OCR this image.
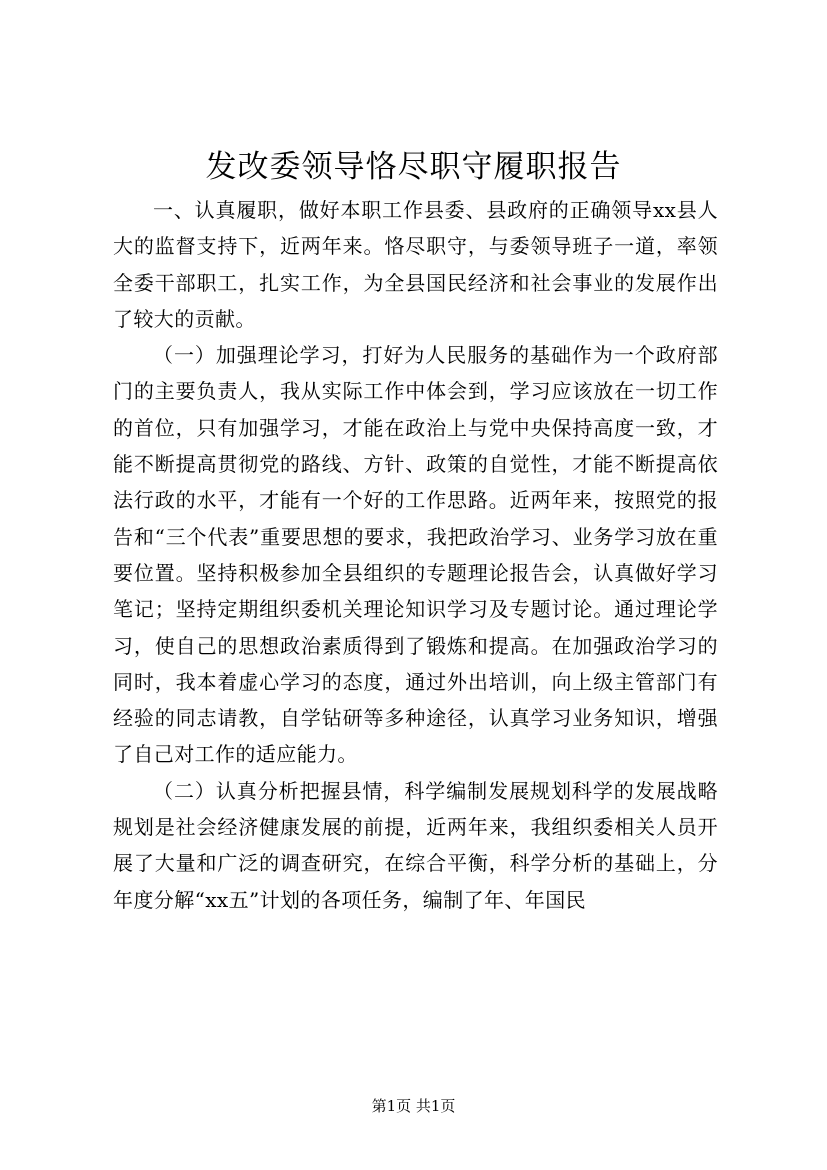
发改委领导恪尽职守履职报告

一、认真履职，做好本职工作县委、县政府的正确领导xx县人大的监督支持下，近两年来。恪尽职守，与委领导班子一道，率领全委干部职工，扎实工作，为全县国民经济和社会事业的发展作出了较大的贡献。

（一）加强理论学习，打好为人民服务的基础作为一个政府部门的主要负责人，我从实际工作中体会到，学习应该放在一切工作的首位，只有加强学习，才能在政治上与党中央保持高度一致，才能不断提高贯彻党的路线、方针、政策的自觉性，才能不断提高依法行政的水平，才能有一个好的工作思路。近两年来，按照党的报告和“三个代表”重要思想的要求，我把政治学习、业务学习放在重要位置。坚持积极参加全县组织的专题理论报告会，认真做好学习笔记；坚持定期组织委机关理论知识学习及专题讨论。通过理论学习，使自己的思想政治素质得到了锻炼和提高。在加强政治学习的同时，我本着虚心学习的态度，通过外出培训，向上级主管部门有经验的同志请教，自学钻研等多种途径，认真学习业务知识，增强了自己对工作的适应能力。

（二）认真分析把握县情，科学编制发展规划科学的发展战略规划是社会经济健康发展的前提，近两年来，我组织委相关人员开展了大量和广泛的调查研究，在综合平衡，科学分析的基础上，分年度分解“xx五”计划的各项任务，编制了年、年国民

第1页 共1页
